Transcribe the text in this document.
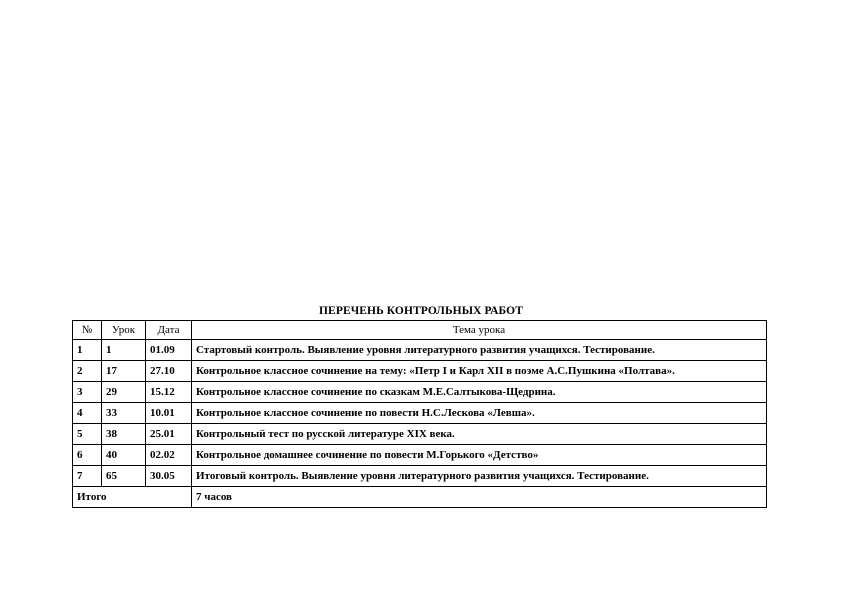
ПЕРЕЧЕНЬ КОНТРОЛЬНЫХ РАБОТ
№	Урок	Дата	Тема урока
1	1	01.09	Стартовый контроль. Выявление уровня литературного развития учащихся. Тестирование.
2	17	27.10	Контрольное классное сочинение на тему: «Петр I и Карл XII в поэме А.С.Пушкина «Полтава».
3	29	15.12	Контрольное классное сочинение по сказкам М.Е.Салтыкова-Щедрина.
4	33	10.01	Контрольное классное сочинение по повести Н.С.Лескова «Левша».
5	38	25.01	Контрольный тест по русской литературе XIX века.
6	40	02.02	Контрольное домашнее сочинение по повести М.Горького «Детство»
7	65	30.05	Итоговый контроль. Выявление уровня литературного развития учащихся. Тестирование.
Итого			7 часов
